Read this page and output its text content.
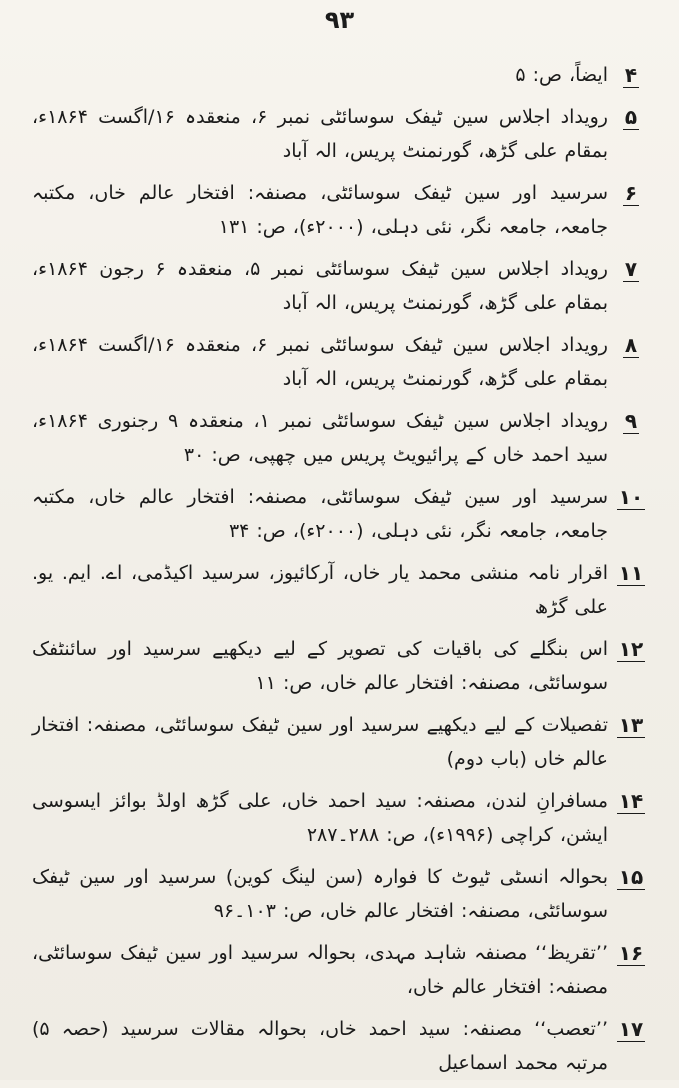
۹۳
۴
ایضاً، ص: ۵
۵
رویداد اجلاس سین ٹیفک سوسائٹی نمبر ۶، منعقدہ ۱۶/اگست ۱۸۶۴ء، بمقام علی گڑھ، گورنمنٹ پریس، الہ آباد
۶
سرسید اور سین ٹیفک سوسائٹی، مصنفہ: افتخار عالم خاں، مکتبہ جامعہ، جامعہ نگر، نئی دہلی، (۲۰۰۰ء)، ص: ۱۳۱
۷
رویداد اجلاس سین ٹیفک سوسائٹی نمبر ۵، منعقدہ ۶ رجون ۱۸۶۴ء، بمقام علی گڑھ، گورنمنٹ پریس، الہ آباد
۸
رویداد اجلاس سین ٹیفک سوسائٹی نمبر ۶، منعقدہ ۱۶/اگست ۱۸۶۴ء، بمقام علی گڑھ، گورنمنٹ پریس، الہ آباد
۹
رویداد اجلاس سین ٹیفک سوسائٹی نمبر ۱، منعقدہ ۹ رجنوری ۱۸۶۴ء، سید احمد خاں کے پرائیویٹ پریس میں چھپی، ص: ۳۰
۱۰
سرسید اور سین ٹیفک سوسائٹی، مصنفہ: افتخار عالم خاں، مکتبہ جامعہ، جامعہ نگر، نئی دہلی، (۲۰۰۰ء)، ص: ۳۴
۱۱
اقرار نامہ منشی محمد یار خاں، آرکائیوز، سرسید اکیڈمی، اے. ایم. یو. علی گڑھ
۱۲
اس بنگلے کی باقیات کی تصویر کے لیے دیکھیے سرسید اور سائنٹفک سوسائٹی، مصنفہ: افتخار عالم خاں، ص: ۱۱
۱۳
تفصیلات کے لیے دیکھیے سرسید اور سین ٹیفک سوسائٹی، مصنفہ: افتخار عالم خاں (باب دوم)
۱۴
مسافرانِ لندن، مصنفہ: سید احمد خاں، علی گڑھ اولڈ بوائز ایسوسی ایشن، کراچی (۱۹۹۶ء)، ص: ۲۸۸۔۲۸۷
۱۵
بحوالہ انسٹی ٹیوٹ کا فوارہ (سن لینگ کوین) سرسید اور سین ٹیفک سوسائٹی، مصنفہ: افتخار عالم خاں، ص: ۱۰۳۔۹۶
۱۶
’’تقریظ‘‘ مصنفہ شاہد مہدی، بحوالہ سرسید اور سین ٹیفک سوسائٹی، مصنفہ: افتخار عالم خاں،
۱۷
’’تعصب‘‘ مصنفہ: سید احمد خاں، بحوالہ مقالات سرسید (حصہ ۵) مرتبہ محمد اسماعیل
